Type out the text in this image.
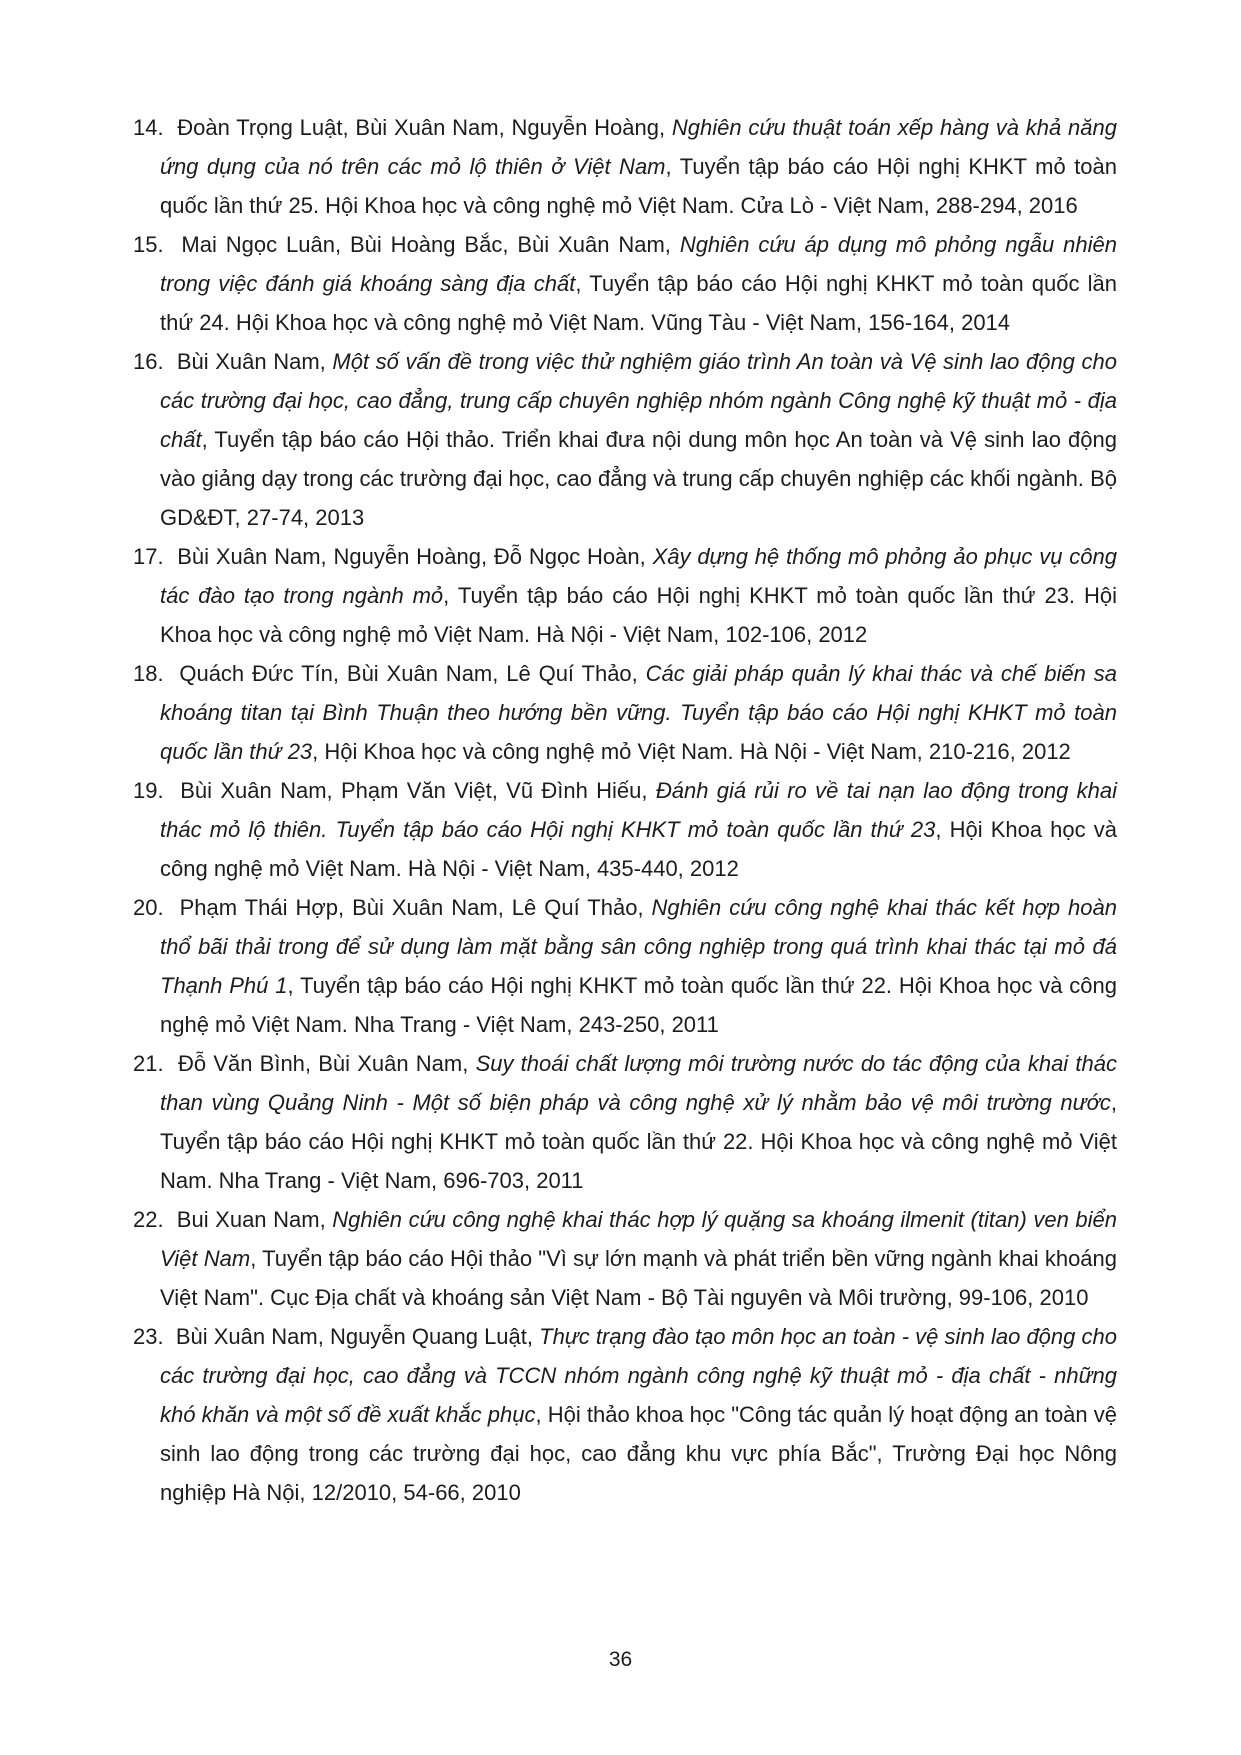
14. Đoàn Trọng Luật, Bùi Xuân Nam, Nguyễn Hoàng, Nghiên cứu thuật toán xếp hàng và khả năng ứng dụng của nó trên các mỏ lộ thiên ở Việt Nam, Tuyển tập báo cáo Hội nghị KHKT mỏ toàn quốc lần thứ 25. Hội Khoa học và công nghệ mỏ Việt Nam. Cửa Lò - Việt Nam, 288-294, 2016
15. Mai Ngọc Luân, Bùi Hoàng Bắc, Bùi Xuân Nam, Nghiên cứu áp dụng mô phỏng ngẫu nhiên trong việc đánh giá khoáng sàng địa chất, Tuyển tập báo cáo Hội nghị KHKT mỏ toàn quốc lần thứ 24. Hội Khoa học và công nghệ mỏ Việt Nam. Vũng Tàu - Việt Nam, 156-164, 2014
16. Bùi Xuân Nam, Một số vấn đề trong việc thử nghiệm giáo trình An toàn và Vệ sinh lao động cho các trường đại học, cao đẳng, trung cấp chuyên nghiệp nhóm ngành Công nghệ kỹ thuật mỏ - địa chất, Tuyển tập báo cáo Hội thảo. Triển khai đưa nội dung môn học An toàn và Vệ sinh lao động vào giảng dạy trong các trường đại học, cao đẳng và trung cấp chuyên nghiệp các khối ngành. Bộ GD&ĐT, 27-74, 2013
17. Bùi Xuân Nam, Nguyễn Hoàng, Đỗ Ngọc Hoàn, Xây dựng hệ thống mô phỏng ảo phục vụ công tác đào tạo trong ngành mỏ, Tuyển tập báo cáo Hội nghị KHKT mỏ toàn quốc lần thứ 23. Hội Khoa học và công nghệ mỏ Việt Nam. Hà Nội - Việt Nam, 102-106, 2012
18. Quách Đức Tín, Bùi Xuân Nam, Lê Quí Thảo, Các giải pháp quản lý khai thác và chế biến sa khoáng titan tại Bình Thuận theo hướng bền vững. Tuyển tập báo cáo Hội nghị KHKT mỏ toàn quốc lần thứ 23, Hội Khoa học và công nghệ mỏ Việt Nam. Hà Nội - Việt Nam, 210-216, 2012
19. Bùi Xuân Nam, Phạm Văn Việt, Vũ Đình Hiếu, Đánh giá rủi ro về tai nạn lao động trong khai thác mỏ lộ thiên. Tuyển tập báo cáo Hội nghị KHKT mỏ toàn quốc lần thứ 23, Hội Khoa học và công nghệ mỏ Việt Nam. Hà Nội - Việt Nam, 435-440, 2012
20. Phạm Thái Hợp, Bùi Xuân Nam, Lê Quí Thảo, Nghiên cứu công nghệ khai thác kết hợp hoàn thổ bãi thải trong để sử dụng làm mặt bằng sân công nghiệp trong quá trình khai thác tại mỏ đá Thạnh Phú 1, Tuyển tập báo cáo Hội nghị KHKT mỏ toàn quốc lần thứ 22. Hội Khoa học và công nghệ mỏ Việt Nam. Nha Trang - Việt Nam, 243-250, 2011
21. Đỗ Văn Bình, Bùi Xuân Nam, Suy thoái chất lượng môi trường nước do tác động của khai thác than vùng Quảng Ninh - Một số biện pháp và công nghệ xử lý nhằm bảo vệ môi trường nước, Tuyển tập báo cáo Hội nghị KHKT mỏ toàn quốc lần thứ 22. Hội Khoa học và công nghệ mỏ Việt Nam. Nha Trang - Việt Nam, 696-703, 2011
22. Bui Xuan Nam, Nghiên cứu công nghệ khai thác hợp lý quặng sa khoáng ilmenit (titan) ven biển Việt Nam, Tuyển tập báo cáo Hội thảo "Vì sự lớn mạnh và phát triển bền vững ngành khai khoáng Việt Nam". Cục Địa chất và khoáng sản Việt Nam - Bộ Tài nguyên và Môi trường, 99-106, 2010
23. Bùi Xuân Nam, Nguyễn Quang Luật, Thực trạng đào tạo môn học an toàn - vệ sinh lao động cho các trường đại học, cao đẳng và TCCN nhóm ngành công nghệ kỹ thuật mỏ - địa chất - những khó khăn và một số đề xuất khắc phục, Hội thảo khoa học "Công tác quản lý hoạt động an toàn vệ sinh lao động trong các trường đại học, cao đẳng khu vực phía Bắc", Trường Đại học Nông nghiệp Hà Nội, 12/2010, 54-66, 2010
36
